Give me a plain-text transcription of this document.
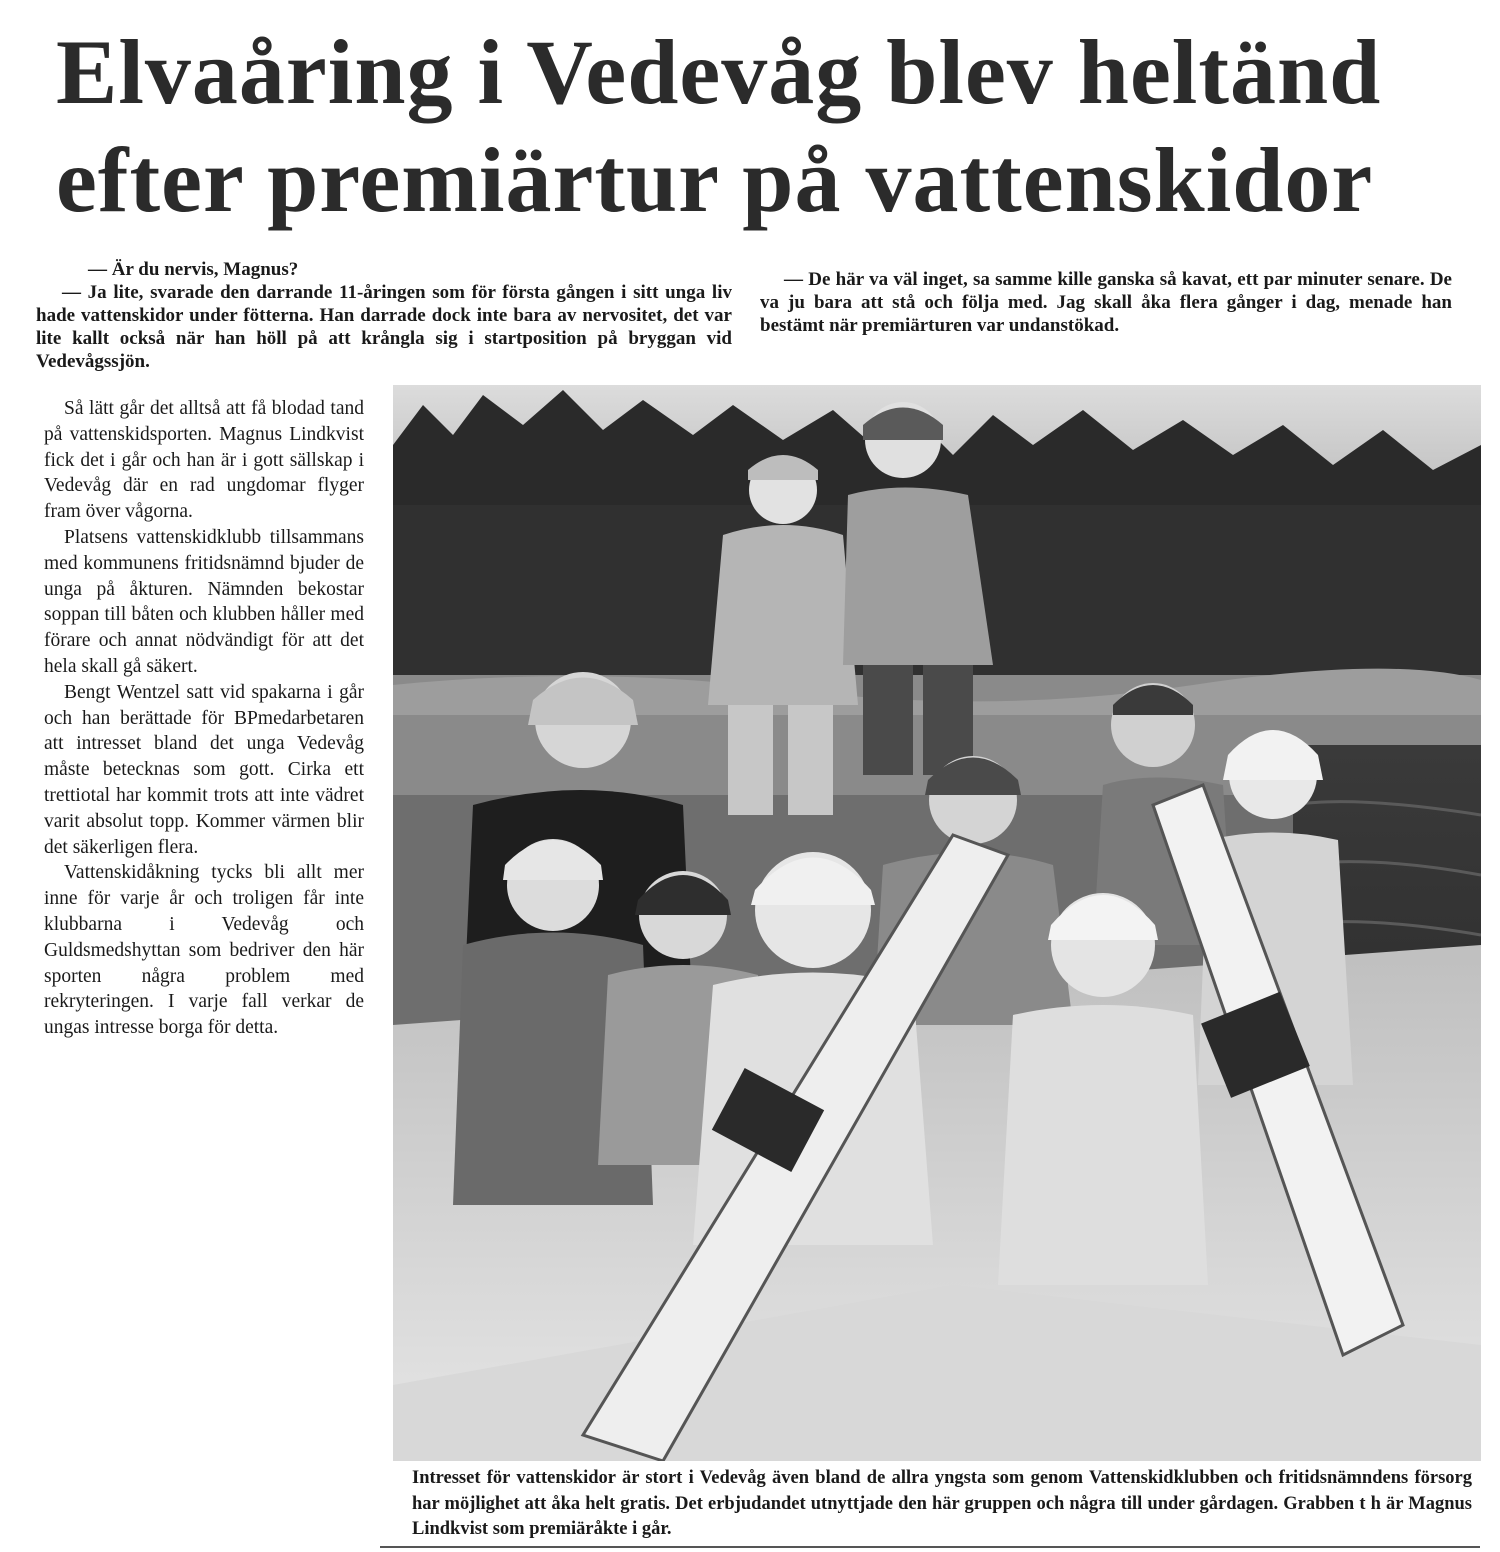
Elvaåring i Vedevåg blev heltänd
efter premiärtur på vattenskidor

— Är du nervis, Magnus?

— Ja lite, svarade den darrande 11-åringen som för första gången i sitt unga liv hade vattenskidor under fötterna. Han darrade dock inte bara av nervositet, det var lite kallt också när han höll på att krångla sig i startposition på bryggan vid Vedevågssjön.

— De här va väl inget, sa samme kille ganska så kavat, ett par minuter senare. De va ju bara att stå och följa med. Jag skall åka flera gånger i dag, menade han bestämt när premiärturen var undanstökad.

Så lätt går det alltså att få blodad tand på vattenskidsporten. Magnus Lindkvist fick det i går och han är i gott sällskap i Vedevåg där en rad ungdomar flyger fram över vågorna.

Platsens vattenskidklubb tillsammans med kommunens fritidsnämnd bjuder de unga på åkturen. Nämnden bekostar soppan till båten och klubben håller med förare och annat nödvändigt för att det hela skall gå säkert.

Bengt Wentzel satt vid spakarna i går och han berättade för BPmedarbetaren att intresset bland det unga Vedevåg måste betecknas som gott. Cirka ett trettiotal har kommit trots att inte vädret varit absolut topp. Kommer värmen blir det säkerligen flera.

Vattenskidåkning tycks bli allt mer inne för varje år och troligen får inte klubbarna i Vedevåg och Guldsmedshyttan som bedriver den här sporten några problem med rekryteringen. I varje fall verkar de ungas intresse borga för detta.

Intresset för vattenskidor är stort i Vedevåg även bland de allra yngsta som genom Vattenskidklubben och fritidsnämndens försorg har möjlighet att åka helt gratis. Det erbjudandet utnyttjade den här gruppen och några till under gårdagen. Grabben t h är Magnus Lindkvist som premiäråkte i går.
